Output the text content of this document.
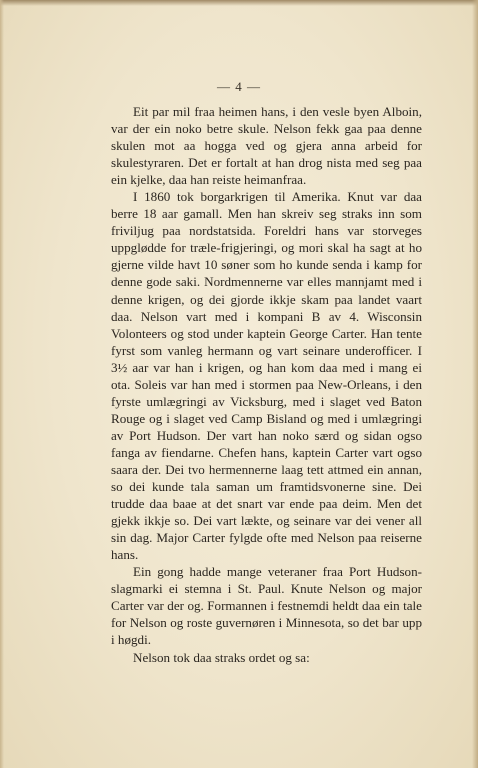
— 4 —

Eit par mil fraa heimen hans, i den vesle byen Alboin, var der ein noko betre skule. Nelson fekk gaa paa denne skulen mot aa hogga ved og gjera anna arbeid for skulestyraren. Det er fortalt at han drog nista med seg paa ein kjelke, daa han reiste heimanfraa.

I 1860 tok borgarkrigen til Amerika. Knut var daa berre 18 aar gamall. Men han skreiv seg straks inn som friviljug paa nordstatsida. Foreldri hans var storveges uppgløddе for træle-frigjeringi, og mori skal ha sagt at ho gjerne vilde havt 10 søner som ho kunde senda i kamp for denne gode saki. Nordmennerne var elles mannjamt med i denne krigen, og dei gjorde ikkje skam paa landet vaart daa. Nelson vart med i kompani B av 4. Wisconsin Volonteers og stod under kaptein George Carter. Han tente fyrst som vanleg hermann og vart seinare underofficer. I 3½ aar var han i krigen, og han kom daa med i mang ei ota. Soleis var han med i stormen paa New-Orleans, i den fyrste umlægringi av Vicksburg, med i slaget ved Baton Rouge og i slaget ved Camp Bisland og med i umlægringi av Port Hudson. Der vart han noko særd og sidan ogso fanga av fiendarne. Chefen hans, kaptein Carter vart ogso saara der. Dei tvo hermennerne laag tett attmed ein annan, so dei kunde tala saman um framtidsvonerne sine. Dei trudde daa baae at det snart var ende paa deim. Men det gjekk ikkje so. Dei vart lækte, og seinare var dei vener all sin dag. Major Carter fylgde ofte med Nelson paa reiserne hans.

Ein gong hadde mange veteraner fraa Port Hudson-slagmarki ei stemna i St. Paul. Knute Nelson og major Carter var der og. Formannen i festnemdi heldt daa ein tale for Nelson og roste guvernøren i Minnesota, so det bar upp i høgdi.

Nelson tok daa straks ordet og sa:
